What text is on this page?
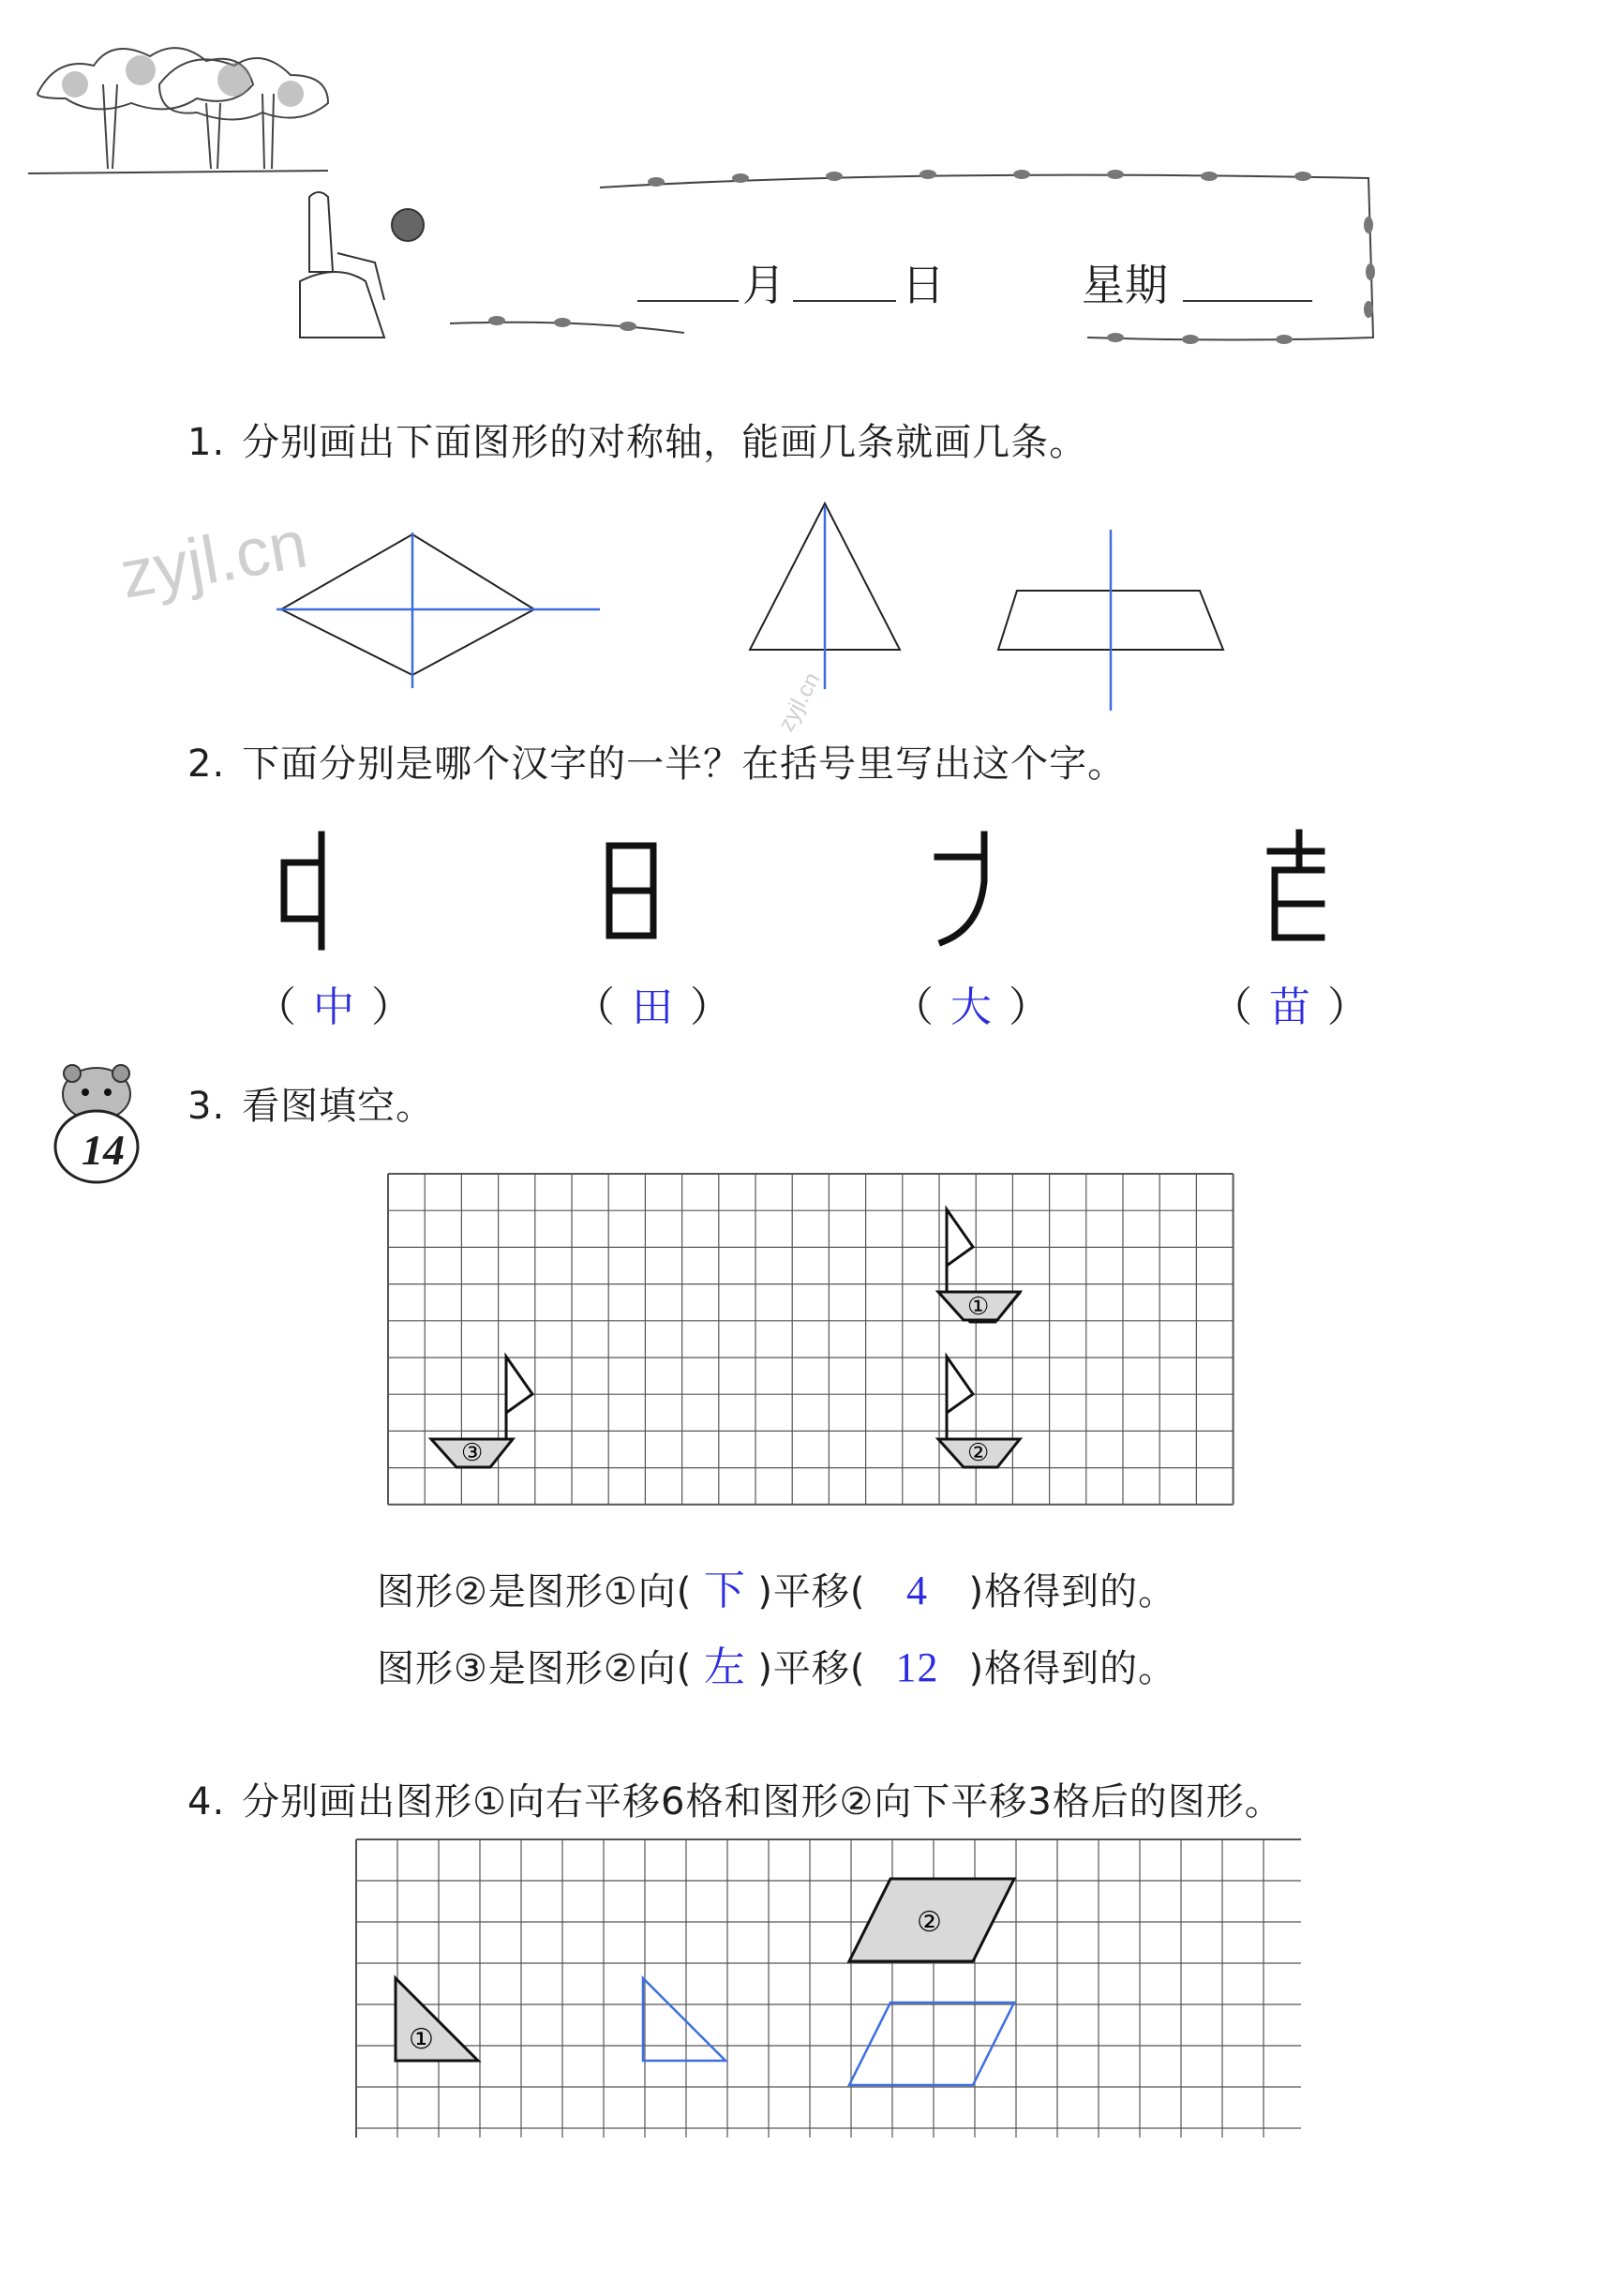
月	日	星期
1. 分别画出下面图形的对称轴，能画几条就画几条。
zyjl.cn
zyjl.cn
2. 下面分别是哪个汉字的一半？在括号里写出这个字。
（ 中 ）	（ 田 ）	（ 大 ）	（ 苗 ）
14
3. 看图填空。
①
②
③
图形②是图形①向( 下 )平移( 4 )格得到的。
图形③是图形②向( 左 )平移( 12 )格得到的。
4. 分别画出图形①向右平移6格和图形②向下平移3格后的图形。
①
②
